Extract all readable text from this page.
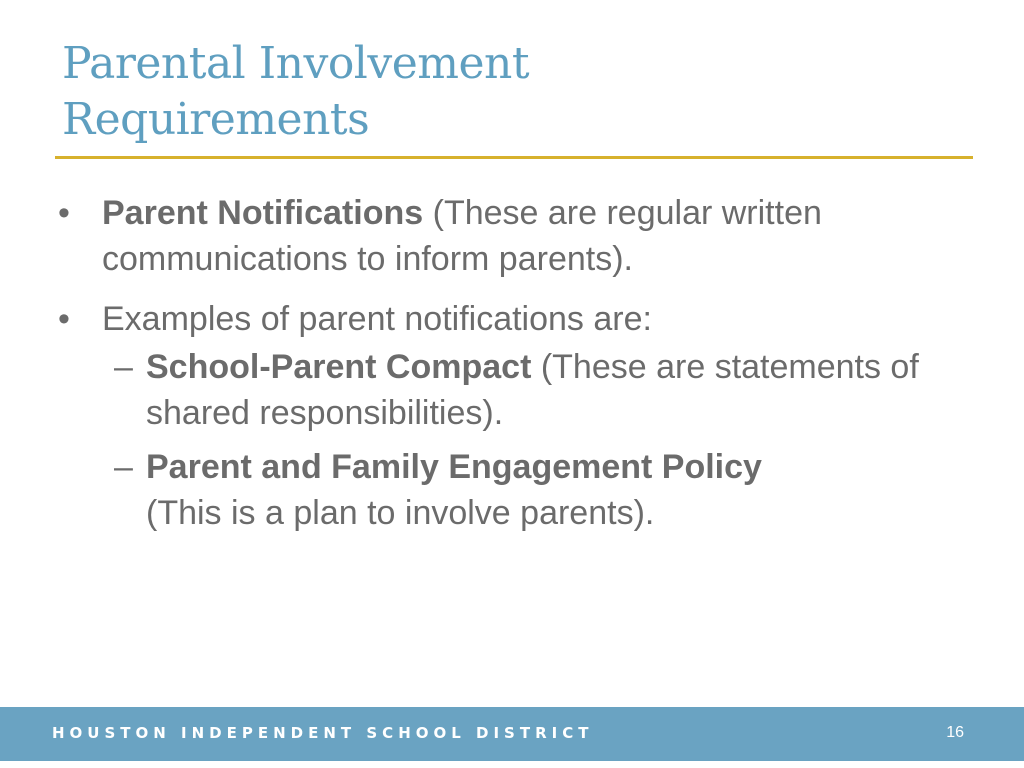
Parental Involvement
Requirements
• Parent Notifications (These are regular written communications to inform parents).
• Examples of parent notifications are:
– School-Parent Compact (These are statements of shared responsibilities).
– Parent and Family Engagement Policy
(This is a plan to involve parents).
HOUSTON INDEPENDENT SCHOOL DISTRICT	16
